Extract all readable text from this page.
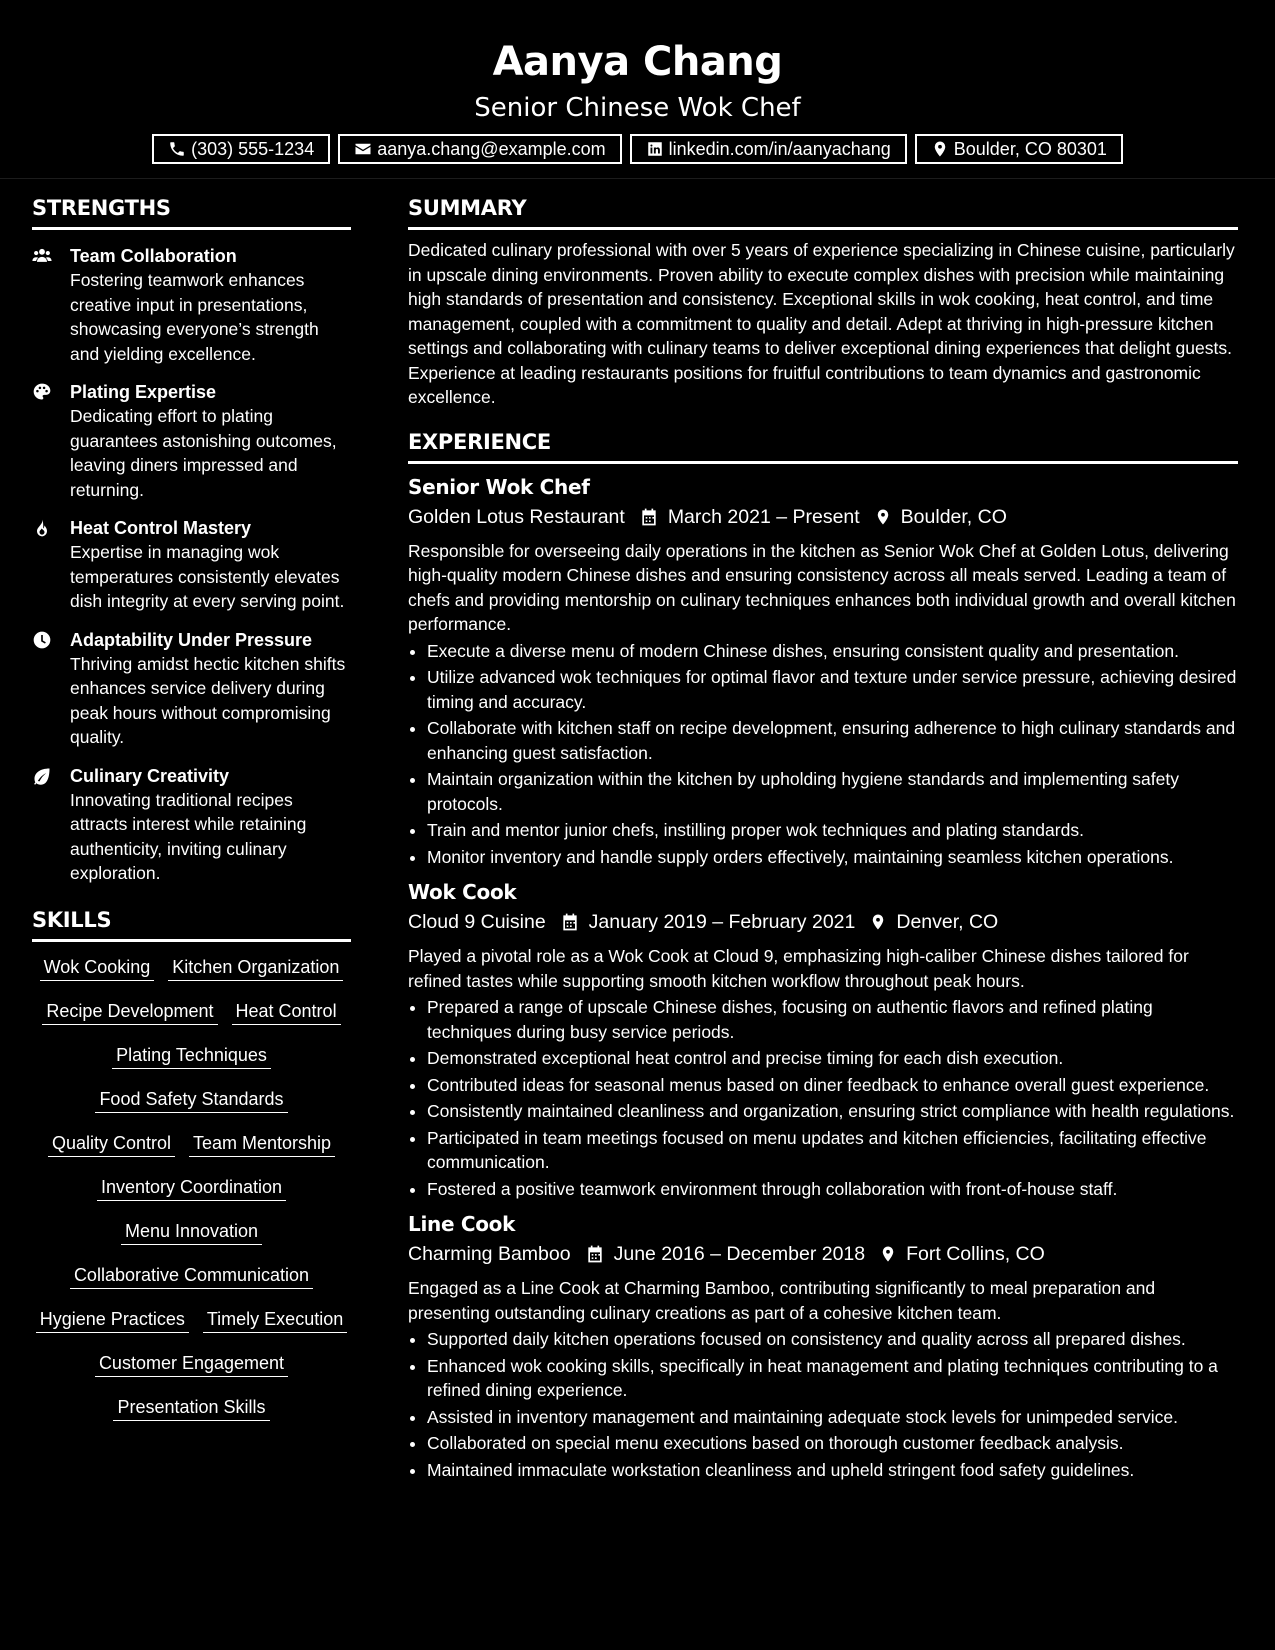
Aanya Chang
Senior Chinese Wok Chef
(303) 555-1234	aanya.chang@example.com	linkedin.com/in/aanyachang	Boulder, CO 80301
STRENGTHS
Team Collaboration
Fostering teamwork enhances creative input in presentations, showcasing everyone’s strength and yielding excellence.
Plating Expertise
Dedicating effort to plating guarantees astonishing outcomes, leaving diners impressed and returning.
Heat Control Mastery
Expertise in managing wok temperatures consistently elevates dish integrity at every serving point.
Adaptability Under Pressure
Thriving amidst hectic kitchen shifts enhances service delivery during peak hours without compromising quality.
Culinary Creativity
Innovating traditional recipes attracts interest while retaining authenticity, inviting culinary exploration.
SKILLS
Wok Cooking Kitchen Organization
Recipe Development Heat Control
Plating Techniques
Food Safety Standards
Quality Control Team Mentorship
Inventory Coordination
Menu Innovation
Collaborative Communication
Hygiene Practices Timely Execution
Customer Engagement
Presentation Skills
SUMMARY
Dedicated culinary professional with over 5 years of experience specializing in Chinese cuisine, particularly in upscale dining environments. Proven ability to execute complex dishes with precision while maintaining high standards of presentation and consistency. Exceptional skills in wok cooking, heat control, and time management, coupled with a commitment to quality and detail. Adept at thriving in high-pressure kitchen settings and collaborating with culinary teams to deliver exceptional dining experiences that delight guests. Experience at leading restaurants positions for fruitful contributions to team dynamics and gastronomic excellence.
EXPERIENCE
Senior Wok Chef
Golden Lotus Restaurant March 2021 – Present Boulder, CO
Responsible for overseeing daily operations in the kitchen as Senior Wok Chef at Golden Lotus, delivering high-quality modern Chinese dishes and ensuring consistency across all meals served. Leading a team of chefs and providing mentorship on culinary techniques enhances both individual growth and overall kitchen performance.
• Execute a diverse menu of modern Chinese dishes, ensuring consistent quality and presentation.
• Utilize advanced wok techniques for optimal flavor and texture under service pressure, achieving desired timing and accuracy.
• Collaborate with kitchen staff on recipe development, ensuring adherence to high culinary standards and enhancing guest satisfaction.
• Maintain organization within the kitchen by upholding hygiene standards and implementing safety protocols.
• Train and mentor junior chefs, instilling proper wok techniques and plating standards.
• Monitor inventory and handle supply orders effectively, maintaining seamless kitchen operations.
Wok Cook
Cloud 9 Cuisine January 2019 – February 2021 Denver, CO
Played a pivotal role as a Wok Cook at Cloud 9, emphasizing high-caliber Chinese dishes tailored for refined tastes while supporting smooth kitchen workflow throughout peak hours.
• Prepared a range of upscale Chinese dishes, focusing on authentic flavors and refined plating techniques during busy service periods.
• Demonstrated exceptional heat control and precise timing for each dish execution.
• Contributed ideas for seasonal menus based on diner feedback to enhance overall guest experience.
• Consistently maintained cleanliness and organization, ensuring strict compliance with health regulations.
• Participated in team meetings focused on menu updates and kitchen efficiencies, facilitating effective communication.
• Fostered a positive teamwork environment through collaboration with front-of-house staff.
Line Cook
Charming Bamboo June 2016 – December 2018 Fort Collins, CO
Engaged as a Line Cook at Charming Bamboo, contributing significantly to meal preparation and presenting outstanding culinary creations as part of a cohesive kitchen team.
• Supported daily kitchen operations focused on consistency and quality across all prepared dishes.
• Enhanced wok cooking skills, specifically in heat management and plating techniques contributing to a refined dining experience.
• Assisted in inventory management and maintaining adequate stock levels for unimpeded service.
• Collaborated on special menu executions based on thorough customer feedback analysis.
• Maintained immaculate workstation cleanliness and upheld stringent food safety guidelines.
